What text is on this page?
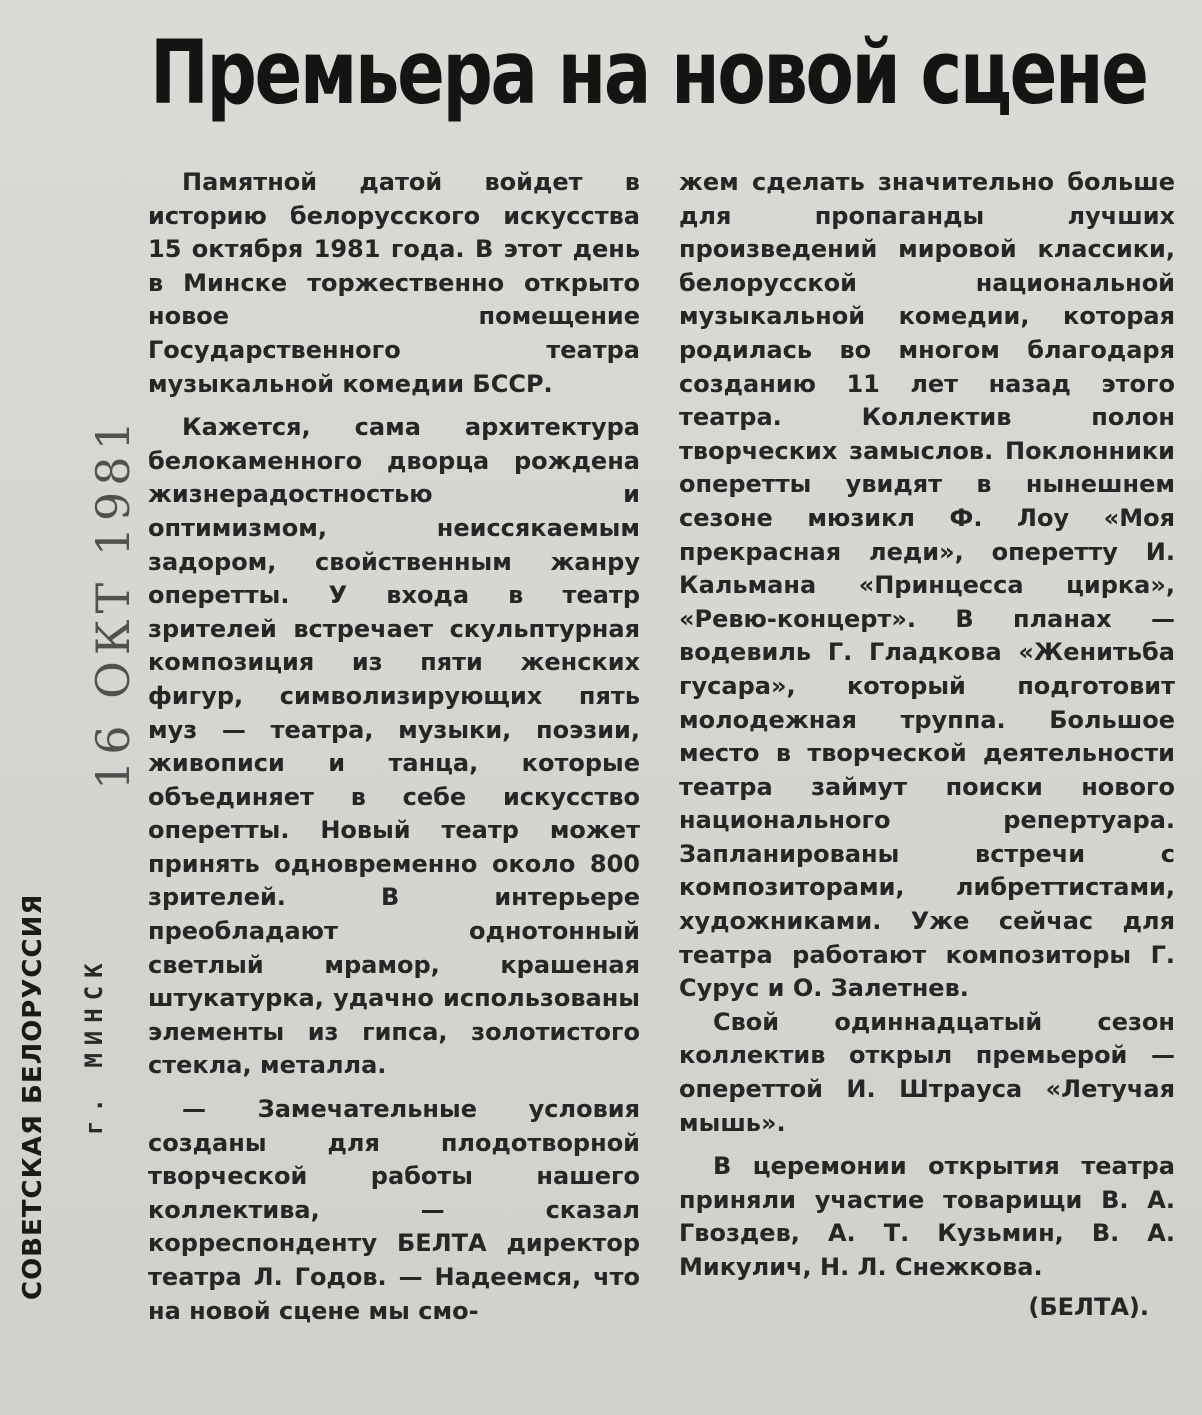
Премьера на новой сцене
16 ОКТ 1981
г. МИНСК
СОВЕТСКАЯ БЕЛОРУССИЯ

Памятной датой войдет в историю белорусского искусства 15 октября 1981 года. В этот день в Минске торжественно открыто новое помещение Государственного театра музыкальной комедии БССР.

Кажется, сама архитектура белокаменного дворца рождена жизнерадостностью и оптимизмом, неиссякаемым задором, свойственным жанру оперетты. У входа в театр зрителей встречает скульптурная композиция из пяти женских фигур, символизирующих пять муз — театра, музыки, поэзии, живописи и танца, которые объединяет в себе искусство оперетты. Новый театр может принять одновременно около 800 зрителей. В интерьере преобладают однотонный светлый мрамор, крашеная штукатурка, удачно использованы элементы из гипса, золотистого стекла, металла.

— Замечательные условия созданы для плодотворной творческой работы нашего коллектива, — сказал корреспонденту БЕЛТА директор театра Л. Годов. — Надеемся, что на новой сцене мы смо-

жем сделать значительно больше для пропаганды лучших произведений мировой классики, белорусской национальной музыкальной комедии, которая родилась во многом благодаря созданию 11 лет назад этого театра. Коллектив полон творческих замыслов. Поклонники оперетты увидят в нынешнем сезоне мюзикл Ф. Лоу «Моя прекрасная леди», оперетту И. Кальмана «Принцесса цирка», «Ревю-концерт». В планах — водевиль Г. Гладкова «Женитьба гусара», который подготовит молодежная труппа. Большое место в творческой деятельности театра займут поиски нового национального репертуара. Запланированы встречи с композиторами, либреттистами, художниками. Уже сейчас для театра работают композиторы Г. Сурус и О. Залетнев.

Свой одиннадцатый сезон коллектив открыл премьерой — опереттой И. Штрауса «Летучая мышь».

В церемонии открытия театра приняли участие товарищи В. А. Гвоздев, А. Т. Кузьмин, В. А. Микулич, Н. Л. Снежкова.

(БЕЛТА).
